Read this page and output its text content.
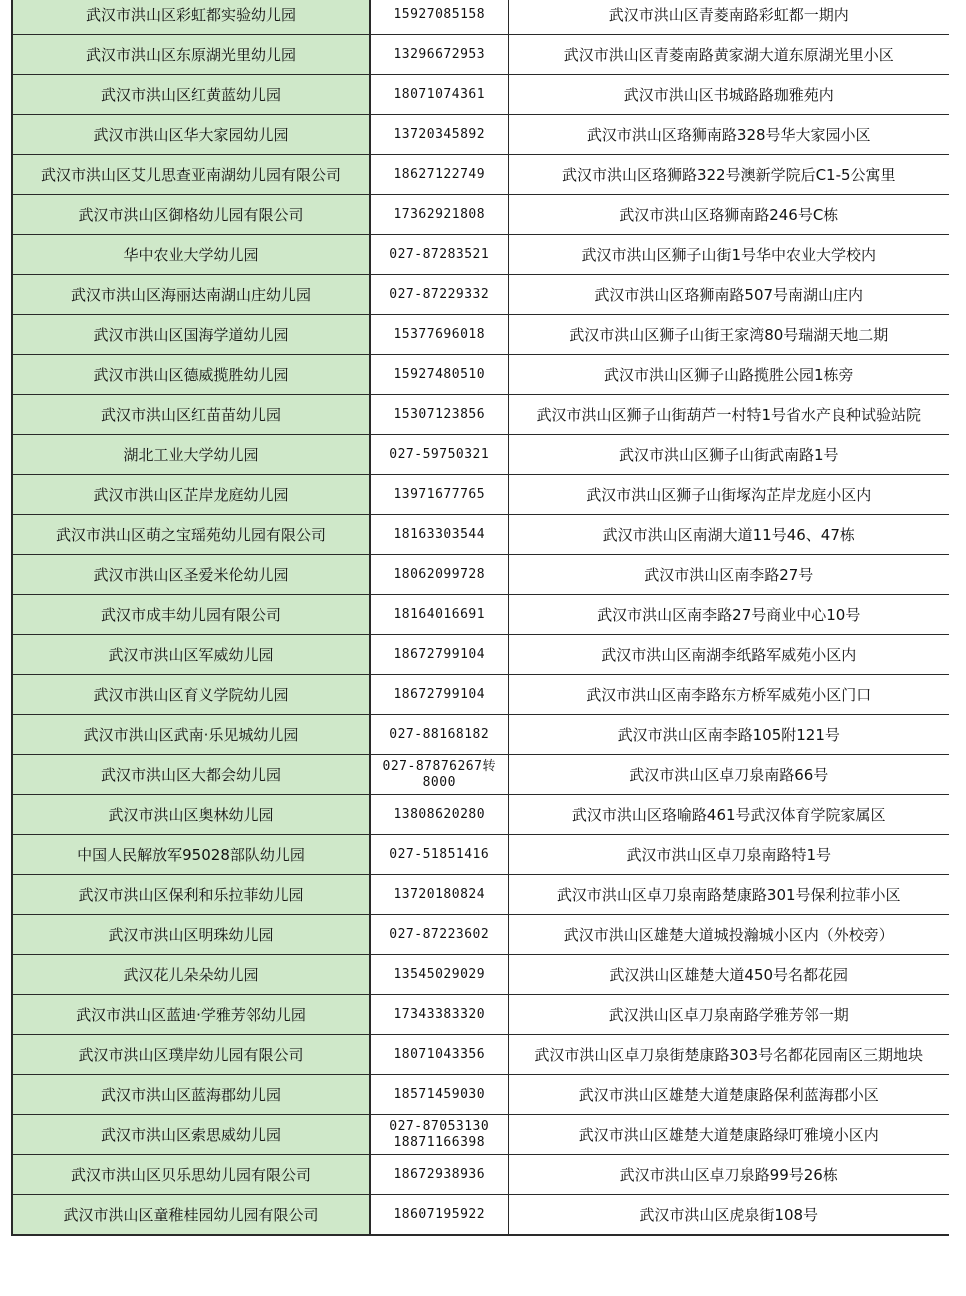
武汉市洪山区彩虹都实验幼儿园	15927085158	武汉市洪山区青菱南路彩虹都一期内
武汉市洪山区东原湖光里幼儿园	13296672953	武汉市洪山区青菱南路黄家湖大道东原湖光里小区
武汉市洪山区红黄蓝幼儿园	18071074361	武汉市洪山区书城路路珈雅苑内
武汉市洪山区华大家园幼儿园	13720345892	武汉市洪山区珞狮南路328号华大家园小区
武汉市洪山区艾儿思查亚南湖幼儿园有限公司	18627122749	武汉市洪山区珞狮路322号澳新学院后C1-5公寓里
武汉市洪山区御格幼儿园有限公司	17362921808	武汉市洪山区珞狮南路246号C栋
华中农业大学幼儿园	027-87283521	武汉市洪山区狮子山街1号华中农业大学校内
武汉市洪山区海丽达南湖山庄幼儿园	027-87229332	武汉市洪山区珞狮南路507号南湖山庄内
武汉市洪山区国海学道幼儿园	15377696018	武汉市洪山区狮子山街王家湾80号瑞湖天地二期
武汉市洪山区德威揽胜幼儿园	15927480510	武汉市洪山区狮子山路揽胜公园1栋旁
武汉市洪山区红苗苗幼儿园	15307123856	武汉市洪山区狮子山街葫芦一村特1号省水产良种试验站院
湖北工业大学幼儿园	027-59750321	武汉市洪山区狮子山街武南路1号
武汉市洪山区芷岸龙庭幼儿园	13971677765	武汉市洪山区狮子山街塚沟芷岸龙庭小区内
武汉市洪山区萌之宝瑶苑幼儿园有限公司	18163303544	武汉市洪山区南湖大道11号46、47栋
武汉市洪山区圣爱米伦幼儿园	18062099728	武汉市洪山区南李路27号
武汉市成丰幼儿园有限公司	18164016691	武汉市洪山区南李路27号商业中心10号
武汉市洪山区军威幼儿园	18672799104	武汉市洪山区南湖李纸路军威苑小区内
武汉市洪山区育义学院幼儿园	18672799104	武汉市洪山区南李路东方桥军威苑小区门口
武汉市洪山区武南·乐见城幼儿园	027-88168182	武汉市洪山区南李路105附121号
武汉市洪山区大都会幼儿园	027-87876267转8000	武汉市洪山区卓刀泉南路66号
武汉市洪山区奥林幼儿园	13808620280	武汉市洪山区珞喻路461号武汉体育学院家属区
中国人民解放军95028部队幼儿园	027-51851416	武汉市洪山区卓刀泉南路特1号
武汉市洪山区保利和乐拉菲幼儿园	13720180824	武汉市洪山区卓刀泉南路楚康路301号保利拉菲小区
武汉市洪山区明珠幼儿园	027-87223602	武汉市洪山区雄楚大道城投瀚城小区内（外校旁）
武汉花儿朵朵幼儿园	13545029029	武汉洪山区雄楚大道450号名都花园
武汉市洪山区蓝迪·学雅芳邻幼儿园	17343383320	武汉洪山区卓刀泉南路学雅芳邻一期
武汉市洪山区璞岸幼儿园有限公司	18071043356	武汉市洪山区卓刀泉街楚康路303号名都花园南区三期地块
武汉市洪山区蓝海郡幼儿园	18571459030	武汉市洪山区雄楚大道楚康路保利蓝海郡小区
武汉市洪山区索思威幼儿园	027-87053130 18871166398	武汉市洪山区雄楚大道楚康路绿叮雅境小区内
武汉市洪山区贝乐思幼儿园有限公司	18672938936	武汉市洪山区卓刀泉路99号26栋
武汉市洪山区童稚桂园幼儿园有限公司	18607195922	武汉市洪山区虎泉街108号
